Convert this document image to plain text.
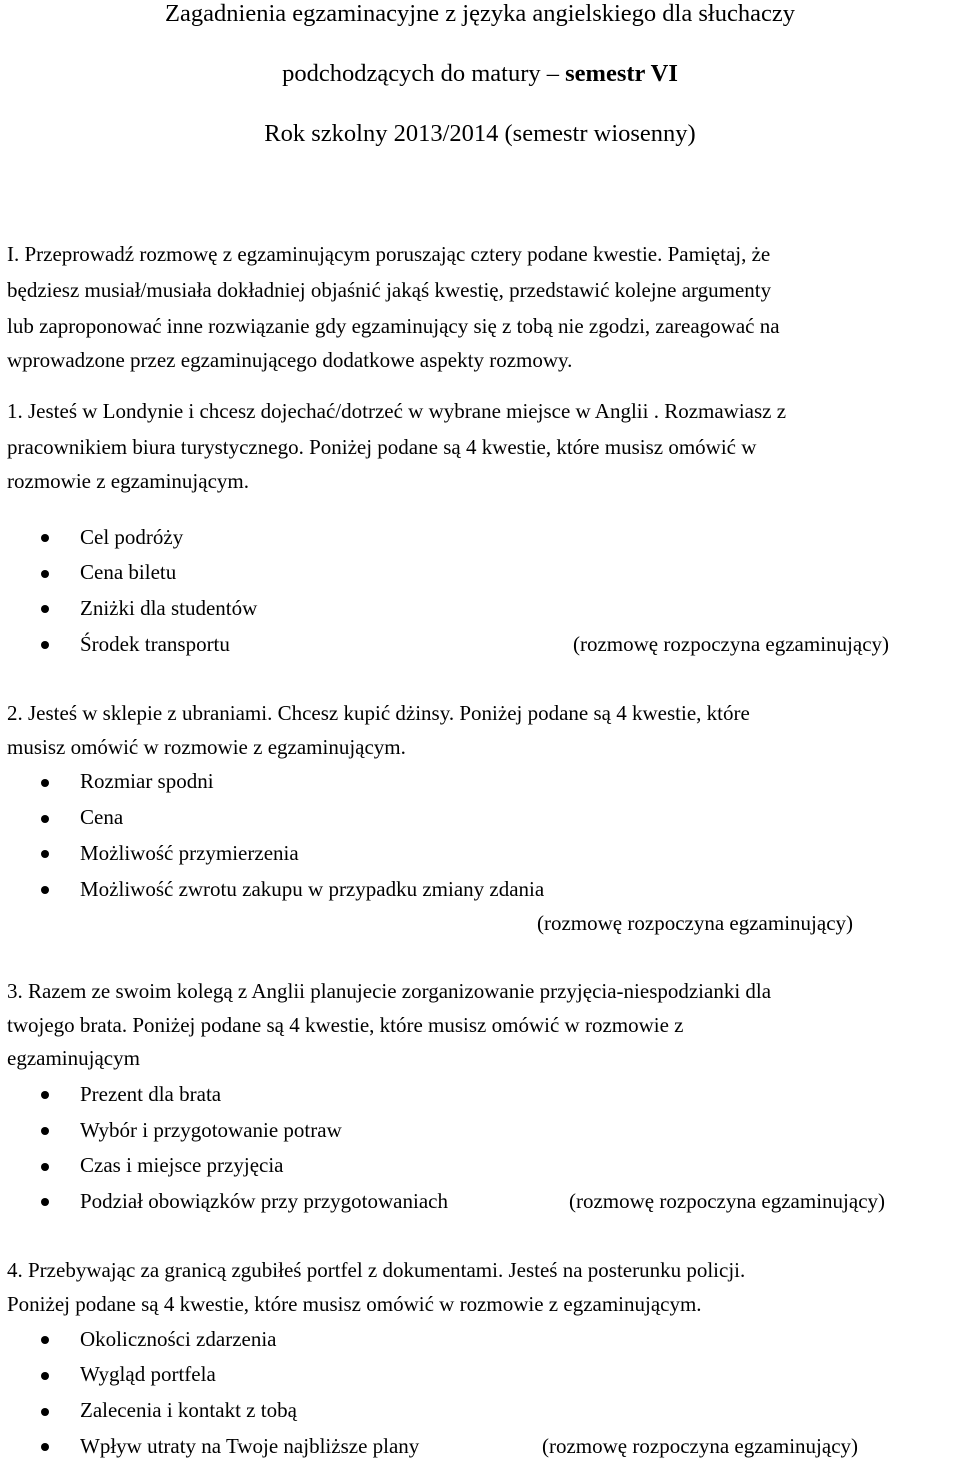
Zagadnienia egzaminacyjne z języka angielskiego dla słuchaczy
podchodzących do matury – semestr VI
Rok szkolny 2013/2014 (semestr wiosenny)
I. Przeprowadź rozmowę z egzaminującym poruszając cztery podane kwestie. Pamiętaj, że
będziesz musiał/musiała dokładniej objaśnić jakąś kwestię, przedstawić kolejne argumenty
lub zaproponować inne rozwiązanie gdy egzaminujący się z tobą nie zgodzi, zareagować na
wprowadzone przez egzaminującego dodatkowe aspekty rozmowy.
1. Jesteś w Londynie i chcesz dojechać/dotrzeć w wybrane miejsce w Anglii . Rozmawiasz z
pracownikiem biura turystycznego. Poniżej podane są 4 kwestie, które musisz omówić w
rozmowie z egzaminującym.
Cel podróży
Cena biletu
Zniżki dla studentów
Środek transportu	(rozmowę rozpoczyna egzaminujący)
2. Jesteś w sklepie z ubraniami. Chcesz kupić dżinsy. Poniżej podane są 4 kwestie, które
musisz omówić w rozmowie z egzaminującym.
Rozmiar spodni
Cena
Możliwość przymierzenia
Możliwość zwrotu zakupu w przypadku zmiany zdania
(rozmowę rozpoczyna egzaminujący)
3. Razem ze swoim kolegą z Anglii planujecie zorganizowanie przyjęcia-niespodzianki dla
twojego brata. Poniżej podane są 4 kwestie, które musisz omówić w rozmowie z
egzaminującym
Prezent dla brata
Wybór i przygotowanie potraw
Czas i miejsce przyjęcia
Podział obowiązków przy przygotowaniach	(rozmowę rozpoczyna egzaminujący)
4. Przebywając za granicą zgubiłeś portfel z dokumentami. Jesteś na posterunku policji.
Poniżej podane są 4 kwestie, które musisz omówić w rozmowie z egzaminującym.
Okoliczności zdarzenia
Wygląd portfela
Zalecenia i kontakt z tobą
Wpływ utraty na Twoje najbliższe plany	(rozmowę rozpoczyna egzaminujący)
